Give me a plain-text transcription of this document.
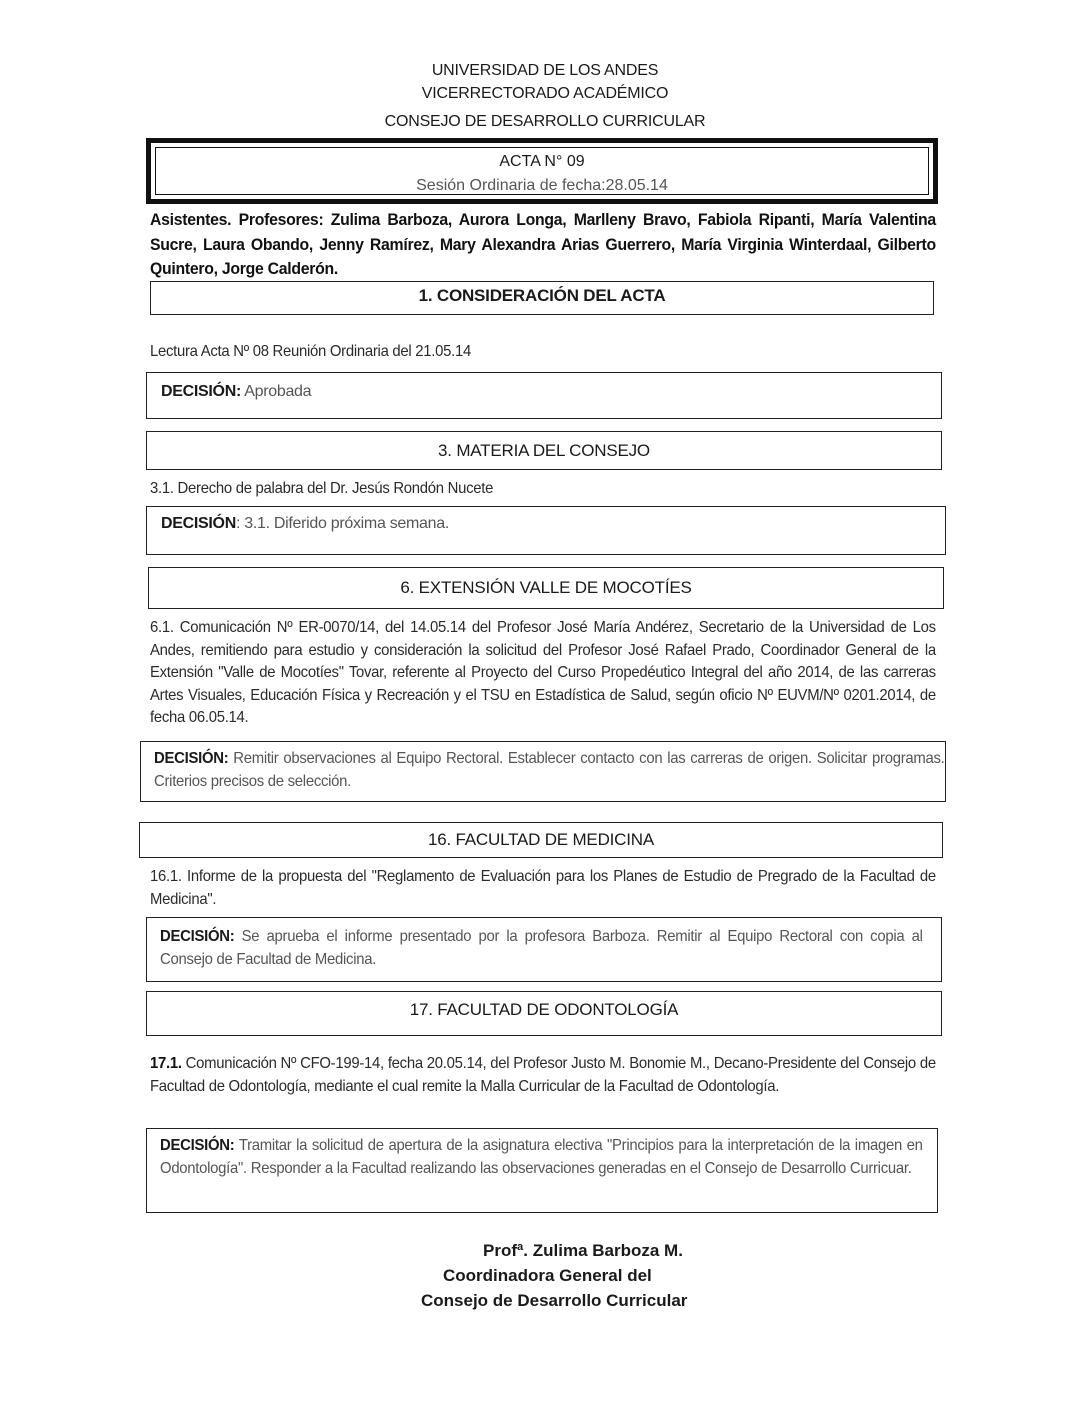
UNIVERSIDAD DE LOS ANDES
VICERRECTORADO ACADÉMICO
CONSEJO DE DESARROLLO CURRICULAR
ACTA N° 09
Sesión Ordinaria de fecha:28.05.14
Asistentes. Profesores: Zulima Barboza, Aurora Longa, Marlleny Bravo, Fabiola Ripanti, María Valentina Sucre, Laura Obando, Jenny Ramírez, Mary Alexandra Arias Guerrero, María Virginia Winterdaal, Gilberto Quintero, Jorge Calderón.
1. CONSIDERACIÓN DEL ACTA
Lectura Acta Nº 08 Reunión Ordinaria del 21.05.14
DECISIÓN: Aprobada
3. MATERIA DEL CONSEJO
3.1. Derecho de palabra del Dr. Jesús Rondón Nucete
DECISIÓN: 3.1. Diferido próxima semana.
6. EXTENSIÓN VALLE DE MOCOTÍES
6.1. Comunicación Nº ER-0070/14, del 14.05.14 del Profesor José María Andérez, Secretario de la Universidad de Los Andes, remitiendo para estudio y consideración la solicitud del Profesor José Rafael Prado, Coordinador General de la Extensión "Valle de Mocotíes" Tovar, referente al Proyecto del Curso Propedéutico Integral del año 2014, de las carreras Artes Visuales, Educación Física y Recreación y el TSU en Estadística de Salud, según oficio Nº EUVM/Nº 0201.2014, de fecha 06.05.14.
DECISIÓN: Remitir observaciones al Equipo Rectoral. Establecer contacto con las carreras de origen. Solicitar programas. Criterios precisos de selección.
16. FACULTAD DE MEDICINA
16.1. Informe de la propuesta del "Reglamento de Evaluación para los Planes de Estudio de Pregrado de la Facultad de Medicina".
DECISIÓN: Se aprueba el informe presentado por la profesora Barboza. Remitir al Equipo Rectoral con copia al Consejo de Facultad de Medicina.
17. FACULTAD DE ODONTOLOGÍA
17.1. Comunicación Nº CFO-199-14, fecha 20.05.14, del Profesor Justo M. Bonomie M., Decano-Presidente del Consejo de Facultad de Odontología, mediante el cual remite la Malla Curricular de la Facultad de Odontología.
DECISIÓN: Tramitar la solicitud de apertura de la asignatura electiva "Principios para la interpretación de la imagen en Odontología". Responder a la Facultad realizando las observaciones generadas en el Consejo de Desarrollo Curricuar.
Profª. Zulima Barboza M.
Coordinadora General del
Consejo de Desarrollo Curricular
